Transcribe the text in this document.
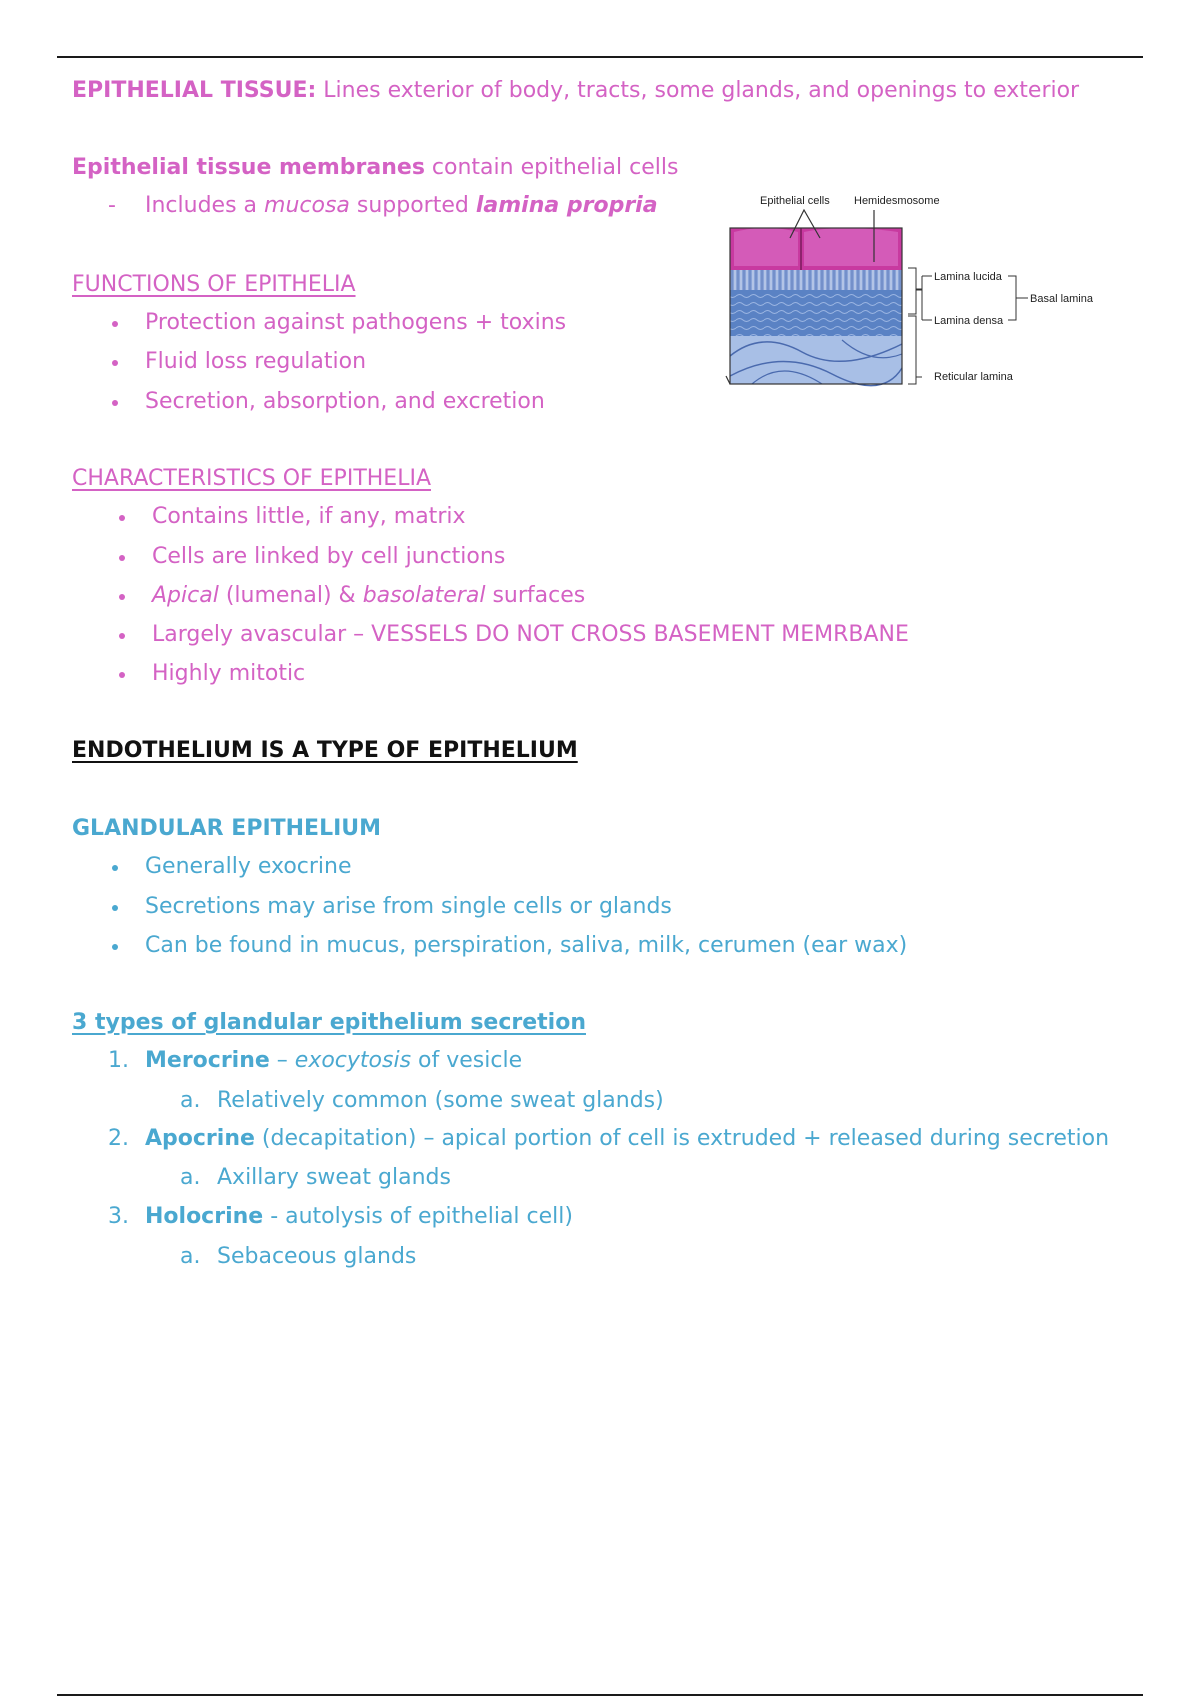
EPITHELIAL TISSUE: Lines exterior of body, tracts, some glands, and openings to exterior
Epithelial tissue membranes contain epithelial cells
- Includes a mucosa supported lamina propria	Epithelial cells Hemidesmosome
Lamina lucida
Lamina densa
Basal lamina
Reticular lamina
FUNCTIONS OF EPITHELIA
Protection against pathogens + toxins
Fluid loss regulation
Secretion, absorption, and excretion
CHARACTERISTICS OF EPITHELIA
Contains little, if any, matrix
Cells are linked by cell junctions
Apical (lumenal) & basolateral surfaces
Largely avascular – VESSELS DO NOT CROSS BASEMENT MEMRBANE
Highly mitotic
ENDOTHELIUM IS A TYPE OF EPITHELIUM
GLANDULAR EPITHELIUM
Generally exocrine
Secretions may arise from single cells or glands
Can be found in mucus, perspiration, saliva, milk, cerumen (ear wax)
3 types of glandular epithelium secretion
1. Merocrine – exocytosis of vesicle
a. Relatively common (some sweat glands)
2. Apocrine (decapitation) – apical portion of cell is extruded + released during secretion
a. Axillary sweat glands
3. Holocrine - autolysis of epithelial cell)
a. Sebaceous glands
